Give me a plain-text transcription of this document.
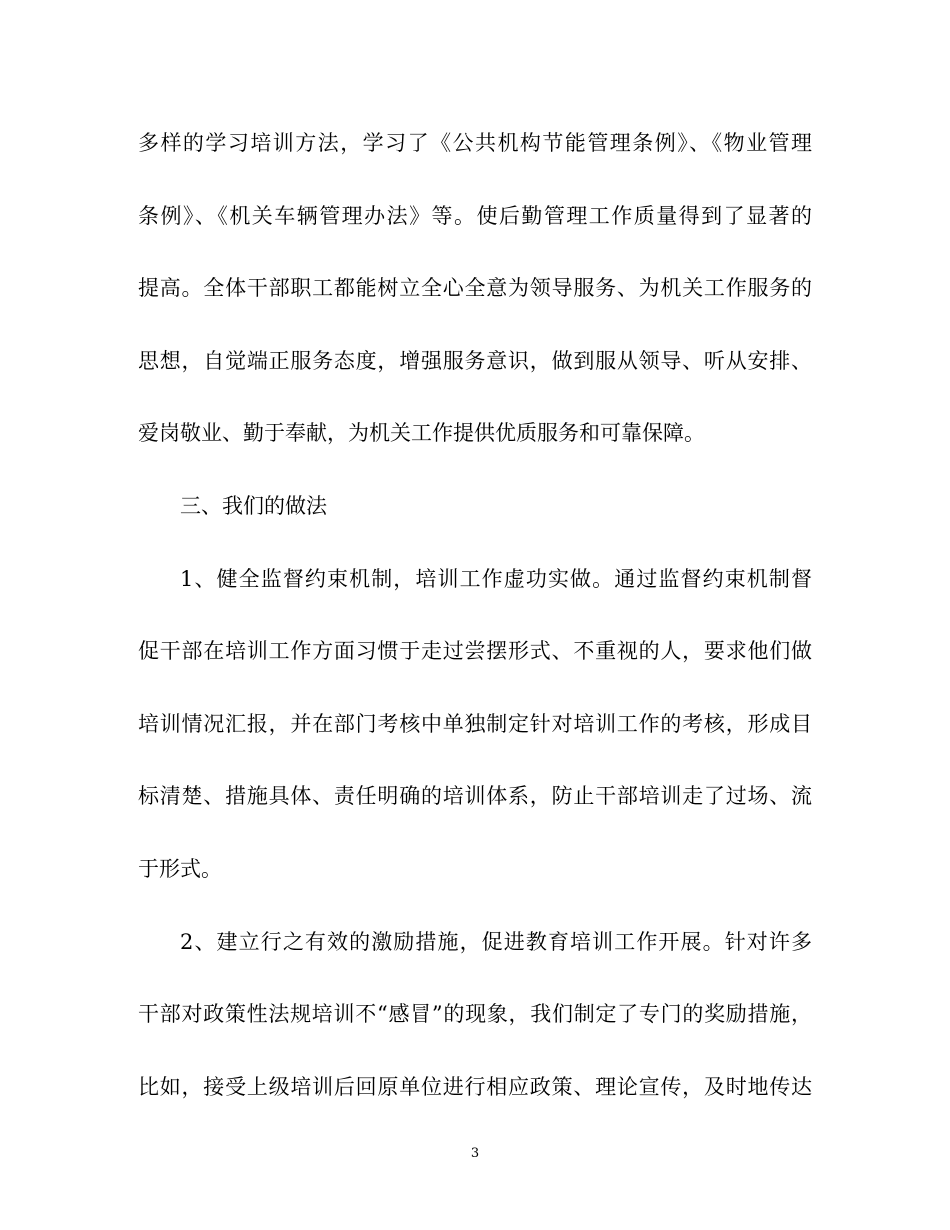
多样的学习培训方法，学习了《公共机构节能管理条例》、《物业管理
条例》、《机关车辆管理办法》等。使后勤管理工作质量得到了显著的
提高。全体干部职工都能树立全心全意为领导服务、为机关工作服务的
思想，自觉端正服务态度，增强服务意识，做到服从领导、听从安排、
爱岗敬业、勤于奉献，为机关工作提供优质服务和可靠保障。
三、我们的做法
1、健全监督约束机制，培训工作虚功实做。通过监督约束机制督
促干部在培训工作方面习惯于走过尝摆形式、不重视的人，要求他们做
培训情况汇报，并在部门考核中单独制定针对培训工作的考核，形成目
标清楚、措施具体、责任明确的培训体系，防止干部培训走了过场、流
于形式。
2、建立行之有效的激励措施，促进教育培训工作开展。针对许多
干部对政策性法规培训不“感冒”的现象，我们制定了专门的奖励措施，
比如，接受上级培训后回原单位进行相应政策、理论宣传，及时地传达
3
